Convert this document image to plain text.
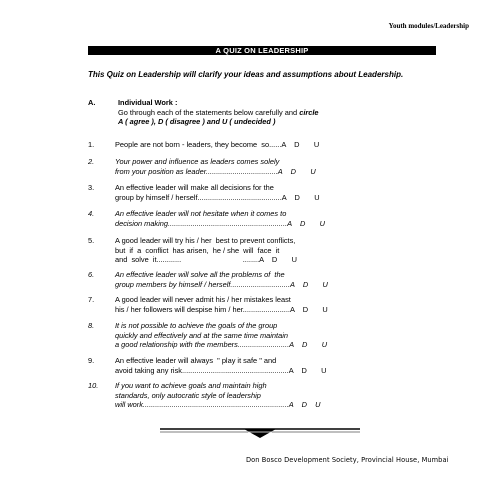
Youth modules/Leadership
A QUIZ ON LEADERSHIP
This Quiz on Leadership will clarify your ideas and assumptions about Leadership.
A.	Individual Work :
Go through each of the statements below carefully and circle
A ( agree ), D ( disagree ) and U ( undecided )
1.	People are not born - leaders, they become  so......A    D       U
2.	Your power and influence as leaders comes solely
from your position as leader...................................A    D       U
3.	An effective leader will make all decisions for the
group by himself / herself.........................................A    D       U
4.	An effective leader will not hesitate when it comes to
decision making..........................................................A    D       U
5.	A good leader will try his / her  best to prevent conflicts,
but  if  a  conflict  has arisen,  he / she  will  face  it
and  solve  it............                              ........A    D       U
6.	An effective leader will solve all the problems of  the
group members by himself / herself.............................A    D       U
7.	A good leader will never admit his / her mistakes least
his / her followers will despise him / her.......................A    D       U
8.	It is not possible to achieve the goals of the group
quickly and effectively and at the same time maintain
a good relationship with the members.........................A    D       U
9.	An effective leader will always  " play it safe " and
avoid taking any risk....................................................A    D       U
10. If you want to achieve goals and maintain high
standards, only autocratic style of leadership
will work.......................................................................A    D    U
Don Bosco Development Society, Provincial House, Mumbai
